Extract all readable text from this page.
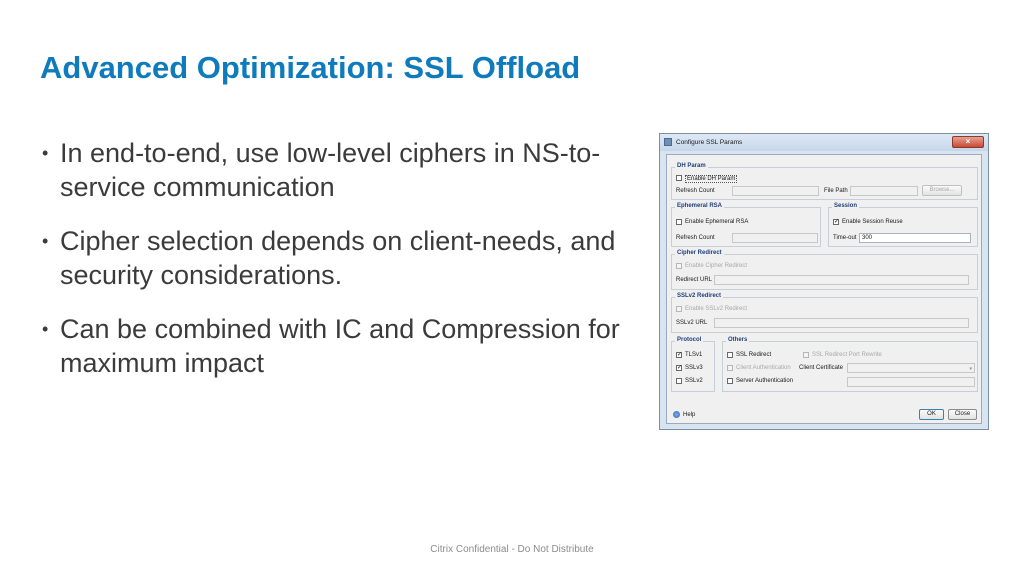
Advanced Optimization: SSL Offload
• In end-to-end, use low-level ciphers in NS-to-service communication
• Cipher selection depends on client-needs, and security considerations.
• Can be combined with IC and Compression for maximum impact
Configure SSL Params	×
DH Param
Enable DH Param
Refresh Count	File Path	Browse...
Ephemeral RSA
Enable Ephemeral RSA
Refresh Count
Session
✓ Enable Session Reuse
Time-out 300
Cipher Redirect
Enable Cipher Redirect
Redirect URL
SSLv2 Redirect
Enable SSLv2 Redirect
SSLv2 URL
Protocol
✓ TLSv1
✓ SSLv3
SSLv2
Others
SSL Redirect	SSL Redirect Port Rewrite
Client Authentication Client Certificate	▾
Server Authentication
Help	OK	Close
Citrix Confidential - Do Not Distribute
